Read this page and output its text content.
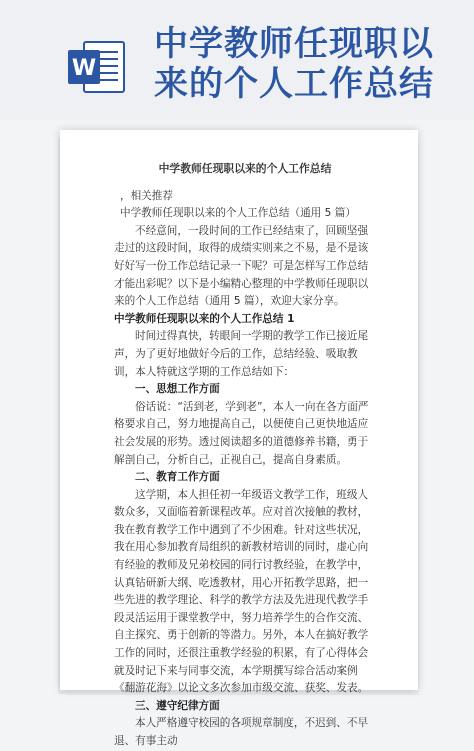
W
中学教师任现职以
来的个人工作总结

中学教师任现职以来的个人工作总结

，相关推荐

中学教师任现职以来的个人工作总结（通用 5 篇）

不经意间，一段时间的工作已经结束了，回顾坚强走过的这段时间，取得的成绩实则来之不易，是不是该好好写一份工作总结记录一下呢？可是怎样写工作总结才能出彩呢？以下是小编精心整理的中学教师任现职以来的个人工作总结（通用 5 篇），欢迎大家分享。

中学教师任现职以来的个人工作总结 1

时间过得真快，转眼间一学期的教学工作已接近尾声，为了更好地做好今后的工作，总结经验、吸取教训，本人特就这学期的工作总结如下：

一、思想工作方面

俗话说：“活到老，学到老”，本人一向在各方面严格要求自己，努力地提高自己，以便使自己更快地适应社会发展的形势。透过阅读超多的道德修养书籍，勇于解剖自己，分析自己，正视自己，提高自身素质。

二、教育工作方面

这学期，本人担任初一年级语文教学工作，班级人数众多，又面临着新课程改革。应对首次接触的教材，我在教育教学工作中遇到了不少困难。针对这些状况，我在用心参加教育局组织的新教材培训的同时，虚心向有经验的教师及兄弟校园的同行讨教经验，在教学中，认真钻研新大纲、吃透教材，用心开拓教学思路，把一些先进的教学理论、科学的教学方法及先进现代教学手段灵活运用于课堂教学中，努力培养学生的合作交流、自主探究、勇于创新的等潜力。另外，本人在搞好教学工作的同时，还很注重教学经验的积累，有了心得体会就及时记下来与同事交流，本学期撰写综合活动案例《翻游花海》以论文多次参加市级交流、获奖、发表。

三、遵守纪律方面

本人严格遵守校园的各项规章制度，不迟到、不早退、有事主动
